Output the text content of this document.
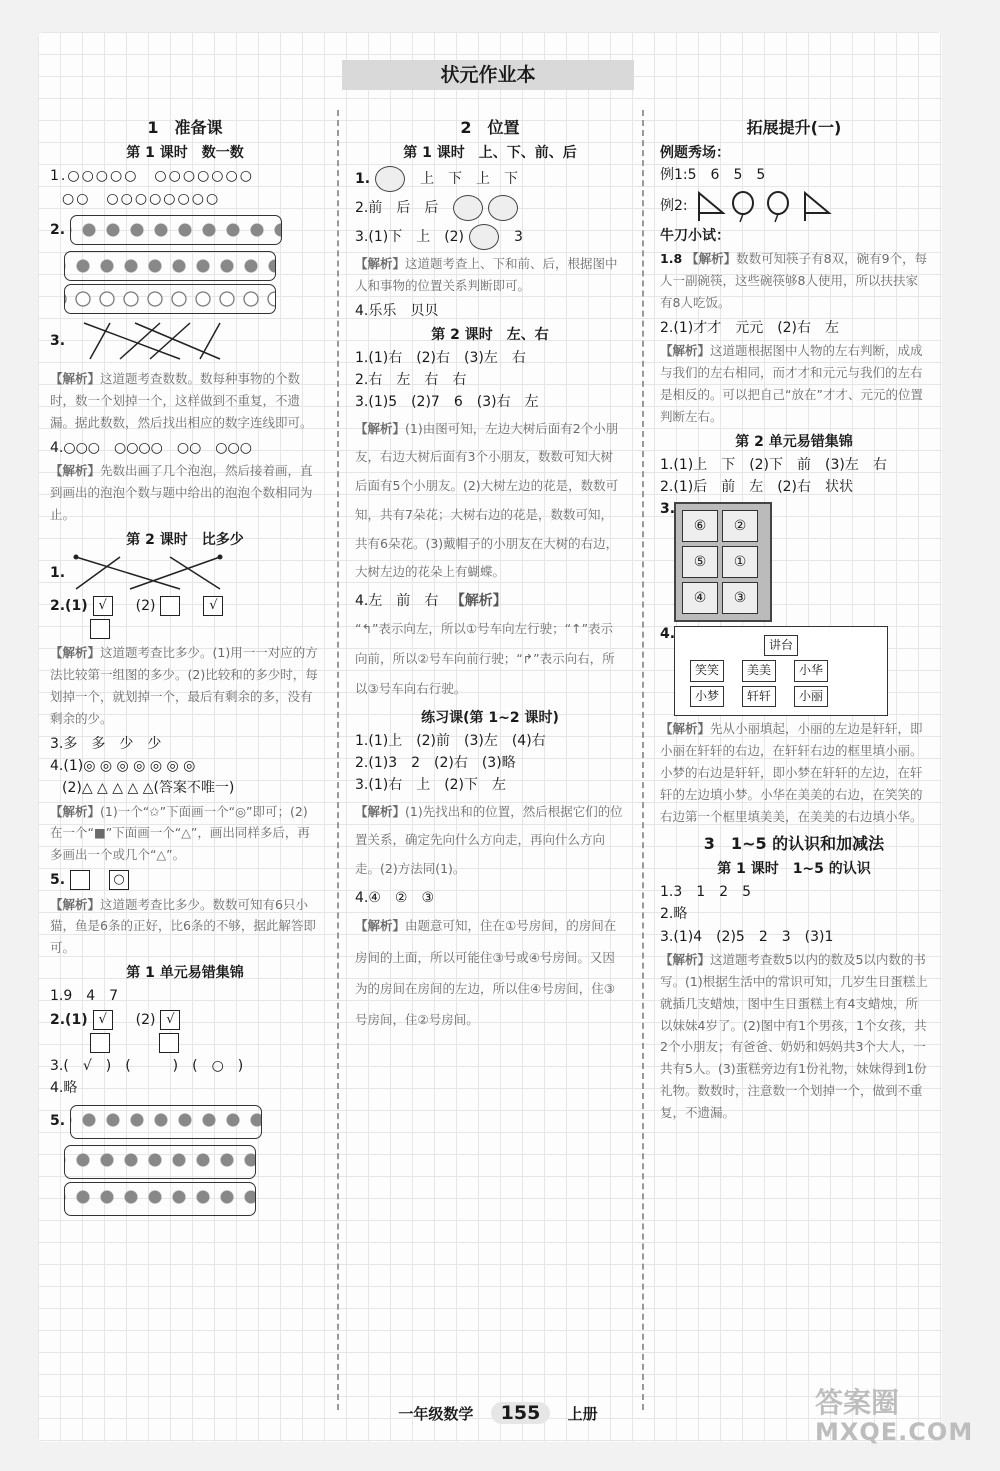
状元作业本
1　准备课
第 1 课时　数一数
1.○○○○○　○○○○○○○
○○　○○○○○○○○
2.
3.
【解析】这道题考查数数。数每种事物的个数时，数一个划掉一个，这样做到不重复，不遗漏。据此数数，然后找出相应的数字连线即可。
4.○○○　○○○○　○○　○○○
【解析】先数出画了几个泡泡，然后接着画，直到画出的泡泡个数与题中给出的泡泡个数相同为止。
第 2 课时　比多少
1.
2.(1) √	(2)	√
【解析】这道题考查比多少。(1)用一一对应的方法比较第一组图的多少。(2)比较和的多少时，每划掉一个，就划掉一个，最后有剩余的多，没有剩余的少。
3.多　多　少　少
4.(1)◎ ◎ ◎ ◎ ◎ ◎ ◎
(2)△ △ △ △ △(答案不唯一)
【解析】(1)一个“✩”下面画一个“◎”即可；(2)在一个“■”下面画一个“△”，画出同样多后，再多画出一个或几个“△”。
5.	○
【解析】这道题考查比多少。数数可知有6只小猫，鱼是6条的正好，比6条的不够，据此解答即可。
第 1 单元易错集锦
1.9　4　7
2.(1) √	(2) √
3.(　√　)　(　　　)　(　○　)
4.略
5.
2　位置
第 1 课时　上、下、前、后
1.	上　下　上　下
2.前　后　后
3.(1)下　上　(2)	3
【解析】这道题考查上、下和前、后，根据图中人和事物的位置关系判断即可。
4.乐乐　贝贝
第 2 课时　左、右
1.(1)右　(2)右　(3)左　右
2.右　左　右　右
3.(1)5　(2)7　6　(3)右　左
【解析】(1)由图可知，左边大树后面有2个小朋友，右边大树后面有3个小朋友，数数可知大树后面有5个小朋友。(2)大树左边的花是，数数可知，共有7朵花；大树右边的花是，数数可知，共有6朵花。(3)戴帽子的小朋友在大树的右边，大树左边的花朵上有蝴蝶。
4.左　前　右 【解析】
“↰”表示向左，所以①号车向左行驶；“↑”表示向前，所以②号车向前行驶；“↱”表示向右，所以③号车向右行驶。
练习课(第 1~2 课时)
1.(1)上　(2)前　(3)左　(4)右
2.(1)3　2　(2)右　(3)略
3.(1)右　上　(2)下　左
【解析】(1)先找出和的位置，然后根据它们的位置关系，确定先向什么方向走，再向什么方向走。(2)方法同(1)。
4.④　②　③
【解析】由题意可知，住在①号房间，的房间在房间的上面，所以可能住③号或④号房间。又因为的房间在房间的左边，所以住④号房间，住③号房间，住②号房间。
拓展提升(一)
例题秀场：
例1:5　6　5　5
例2:
牛刀小试：
1.8 【解析】数数可知筷子有8双，碗有9个，每人一副碗筷，这些碗筷够8人使用，所以扶扶家有8人吃饭。
2.(1)才才　元元　(2)右　左
【解析】这道题根据图中人物的左右判断，成成与我们的左右相同，而才才和元元与我们的左右是相反的。可以把自己“放在”才才、元元的位置判断左右。
第 2 单元易错集锦
1.(1)上　下　(2)下　前　(3)左　右
2.(1)后　前　左　(2)右　状状
3.
⑥	②
⑤	①
④	③
4.
讲台
笑笑 美美 小华
小梦 轩轩 小丽
【解析】先从小丽填起，小丽的左边是轩轩，即小丽在轩轩的右边，在轩轩右边的框里填小丽。小梦的右边是轩轩，即小梦在轩轩的左边，在轩轩的左边填小梦。小华在美美的右边，在笑笑的右边第一个框里填美美，在美美的右边填小华。
3　1~5 的认识和加减法
第 1 课时　1~5 的认识
1.3　1　2　5
2.略
3.(1)4　(2)5　2　3　(3)1
【解析】这道题考查数5以内的数及5以内数的书写。(1)根据生活中的常识可知，几岁生日蛋糕上就插几支蜡烛，图中生日蛋糕上有4支蜡烛，所以妹妹4岁了。(2)图中有1个男孩，1个女孩，共2个小朋友；有爸爸、奶奶和妈妈共3个大人，一共有5人。(3)蛋糕旁边有1份礼物，妹妹得到1份礼物。数数时，注意数一个划掉一个，做到不重复，不遗漏。
一年级数学 155 上册	答案圈
MXQE.COM
